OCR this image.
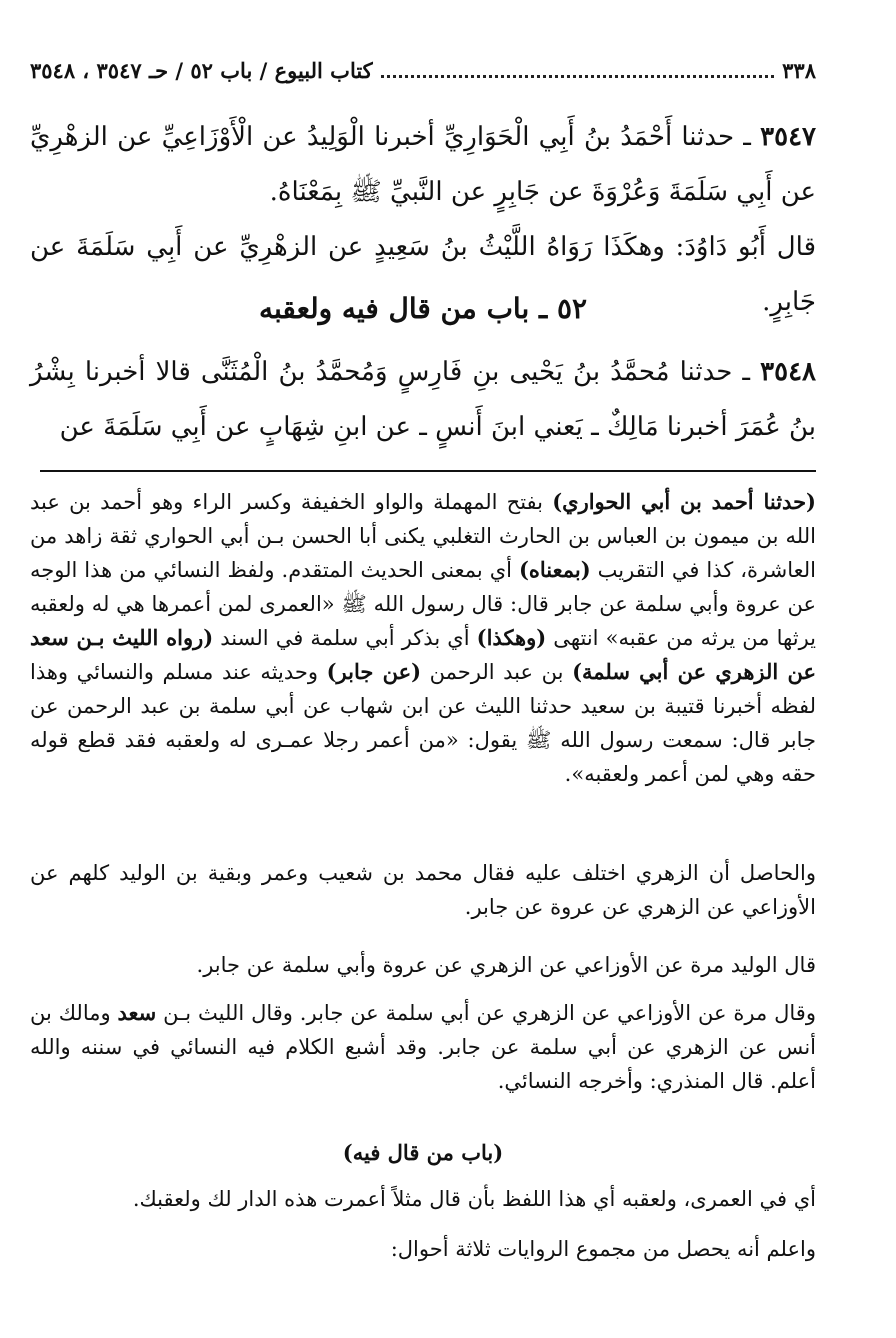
٣٣٨
كتاب البيوع / باب ٥٢ / حـ ٣٥٤٧ ، ٣٥٤٨
٣٥٤٧ ـ حدثنا أَحْمَدُ بنُ أَبِي الْحَوَارِيِّ أخبرنا الْوَلِيدُ عن الْأَوْزَاعِيِّ عن الزهْرِيِّ عن أَبِي سَلَمَةَ وَعُرْوَةَ عن جَابِرٍ عن النَّبيِّ ﷺ بِمَعْنَاهُ.
قال أَبُو دَاوُدَ: وهكَذَا رَوَاهُ اللَّيْثُ بنُ سَعِيدٍ عن الزهْرِيِّ عن أَبِي سَلَمَةَ عن جَابِرٍ.
٥٢ ـ باب من قال فيه ولعقبه
٣٥٤٨ ـ حدثنا مُحمَّدُ بنُ يَحْيى بنِ فَارِسٍ وَمُحمَّدُ بنُ الْمُثَنَّى قالا أخبرنا بِشْرُ بنُ عُمَرَ أخبرنا مَالِكٌ ـ يَعني ابنَ أَنسٍ ـ عن ابنِ شِهَابٍ عن أَبِي سَلَمَةَ عن
(حدثنا أحمد بن أبي الحواري) بفتح المهملة والواو الخفيفة وكسر الراء وهو أحمد بن عبد الله بن ميمون بن العباس بن الحارث التغلبي يكنى أبا الحسن بـن أبي الحواري ثقة زاهد من العاشرة، كذا في التقريب (بمعناه) أي بمعنى الحديث المتقدم. ولفظ النسائي من هذا الوجه عن عروة وأبي سلمة عن جابر قال: قال رسول الله ﷺ «العمرى لمن أعمرها هي له ولعقبه يرثها من يرثه من عقبه» انتهى (وهكذا) أي بذكر أبي سلمة في السند (رواه الليث بـن سعد عن الزهري عن أبي سلمة) بن عبد الرحمن (عن جابر) وحديثه عند مسلم والنسائي وهذا لفظه أخبرنا قتيبة بن سعيد حدثنا الليث عن ابن شهاب عن أبي سلمة بن عبد الرحمن عن جابر قال: سمعت رسول الله ﷺ يقول: «من أعمر رجلا عمـرى له ولعقبه فقد قطع قوله حقه وهي لمن أعمر ولعقبه».
والحاصل أن الزهري اختلف عليه فقال محمد بن شعيب وعمر وبقية بن الوليد كلهم عن الأوزاعي عن الزهري عن عروة عن جابر.
قال الوليد مرة عن الأوزاعي عن الزهري عن عروة وأبي سلمة عن جابر.
وقال مرة عن الأوزاعي عن الزهري عن أبي سلمة عن جابر. وقال الليث بـن سعد ومالك بن أنس عن الزهري عن أبي سلمة عن جابر. وقد أشبع الكلام فيه النسائي في سننه والله أعلم. قال المنذري: وأخرجه النسائي.
(باب من قال فيه)
أي في العمرى، ولعقبه أي هذا اللفظ بأن قال مثلاً أعمرت هذه الدار لك ولعقبك.
واعلم أنه يحصل من مجموع الروايات ثلاثة أحوال:
